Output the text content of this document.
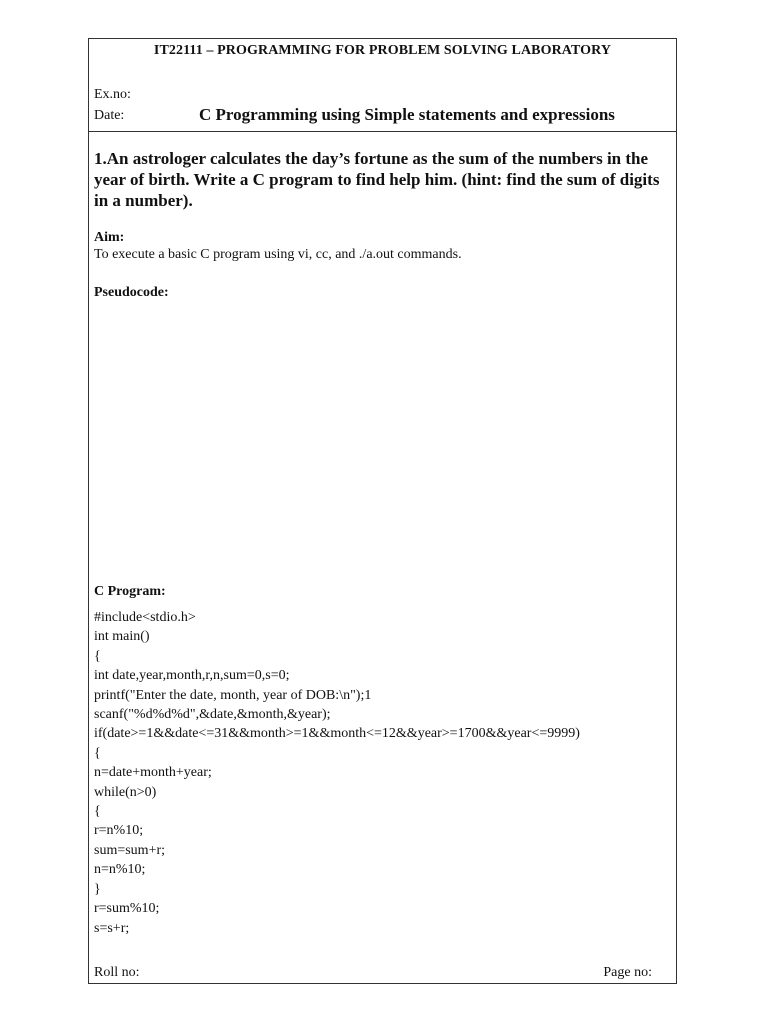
IT22111 – PROGRAMMING FOR PROBLEM SOLVING LABORATORY
Ex.no:
Date:	C Programming using Simple statements and expressions

1.An astrologer calculates the day’s fortune as the sum of the numbers in the year of birth. Write a C program to find help him. (hint: find the sum of digits in a number).

Aim:

To execute a basic C program using vi, cc, and ./a.out commands.

Pseudocode:

C Program:

#include<stdio.h>
int main()
{
int date,year,month,r,n,sum=0,s=0;
printf("Enter the date, month, year of DOB:\n");1
scanf("%d%d%d",&date,&month,&year);
if(date>=1&&date<=31&&month>=1&&month<=12&&year>=1700&&year<=9999)
{
n=date+month+year;
while(n>0)
{
r=n%10;
sum=sum+r;
n=n%10;
}
r=sum%10;
s=s+r;
Roll no:	Page no:
